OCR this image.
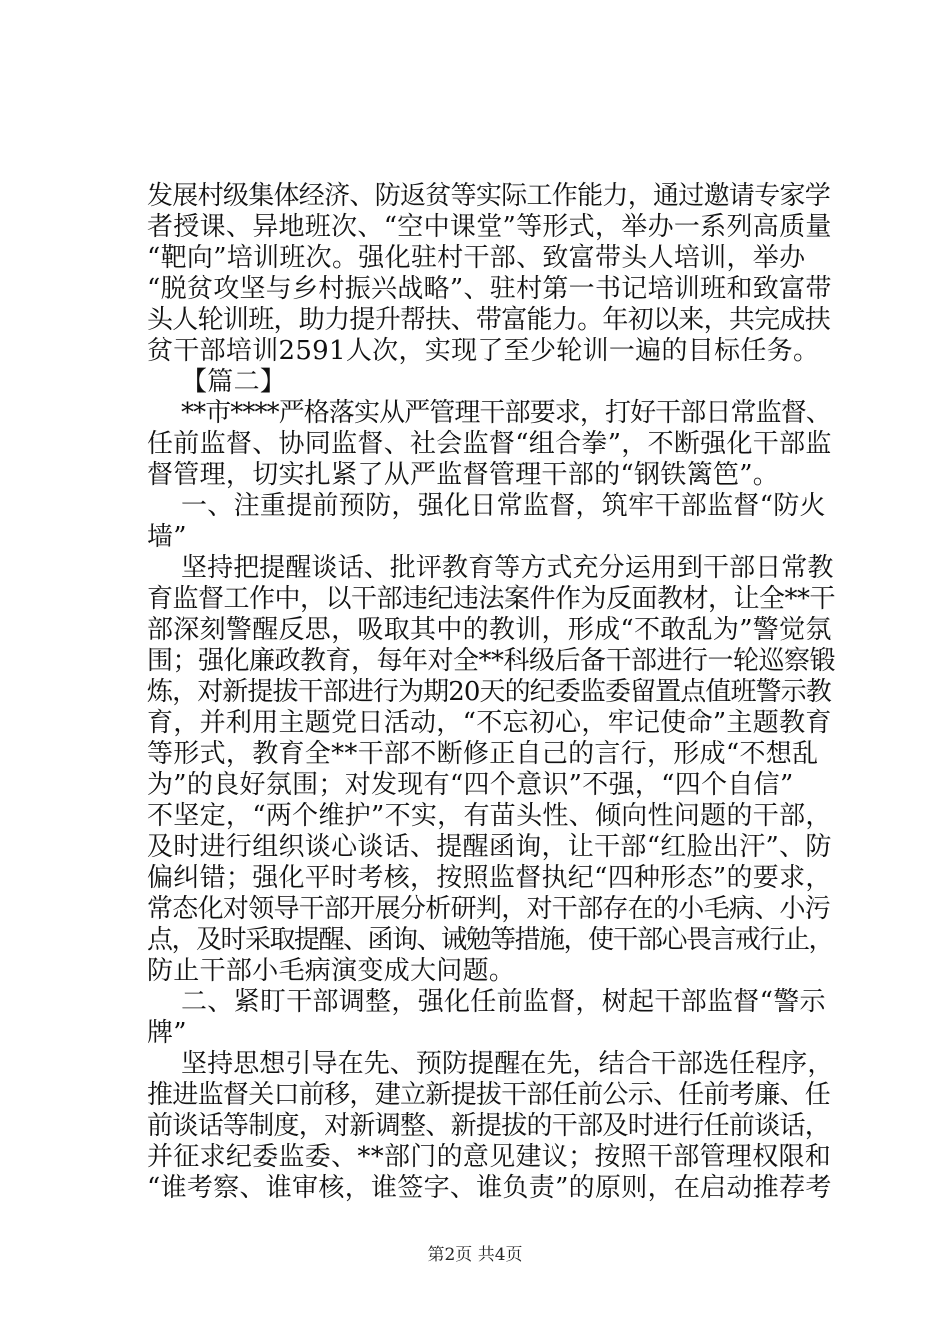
发展村级集体经济、防返贫等实际工作能力，通过邀请专家学
者授课、异地班次、“空中课堂”等形式，举办一系列高质量
“靶向”培训班次。强化驻村干部、致富带头人培训，举办
“脱贫攻坚与乡村振兴战略”、驻村第一书记培训班和致富带
头人轮训班，助力提升帮扶、带富能力。年初以来，共完成扶
贫干部培训2591人次，实现了至少轮训一遍的目标任务。
【篇二】
**市****严格落实从严管理干部要求，打好干部日常监督、
任前监督、协同监督、社会监督“组合拳”，不断强化干部监
督管理，切实扎紧了从严监督管理干部的“钢铁篱笆”。
一、注重提前预防，强化日常监督，筑牢干部监督“防火
墙”
坚持把提醒谈话、批评教育等方式充分运用到干部日常教
育监督工作中，以干部违纪违法案件作为反面教材，让全**干
部深刻警醒反思，吸取其中的教训，形成“不敢乱为”警觉氛
围；强化廉政教育，每年对全**科级后备干部进行一轮巡察锻
炼，对新提拔干部进行为期20天的纪委监委留置点值班警示教
育，并利用主题党日活动，“不忘初心，牢记使命”主题教育
等形式，教育全**干部不断修正自己的言行，形成“不想乱
为”的良好氛围；对发现有“四个意识”不强，“四个自信”
不坚定，“两个维护”不实，有苗头性、倾向性问题的干部，
及时进行组织谈心谈话、提醒函询，让干部“红脸出汗”、防
偏纠错；强化平时考核，按照监督执纪“四种形态”的要求，
常态化对领导干部开展分析研判，对干部存在的小毛病、小污
点，及时采取提醒、函询、诫勉等措施，使干部心畏言戒行止，
防止干部小毛病演变成大问题。
二、紧盯干部调整，强化任前监督，树起干部监督“警示
牌”
坚持思想引导在先、预防提醒在先，结合干部选任程序，
推进监督关口前移，建立新提拔干部任前公示、任前考廉、任
前谈话等制度，对新调整、新提拔的干部及时进行任前谈话，
并征求纪委监委、**部门的意见建议；按照干部管理权限和
“谁考察、谁审核，谁签字、谁负责”的原则，在启动推荐考
第2页 共4页
